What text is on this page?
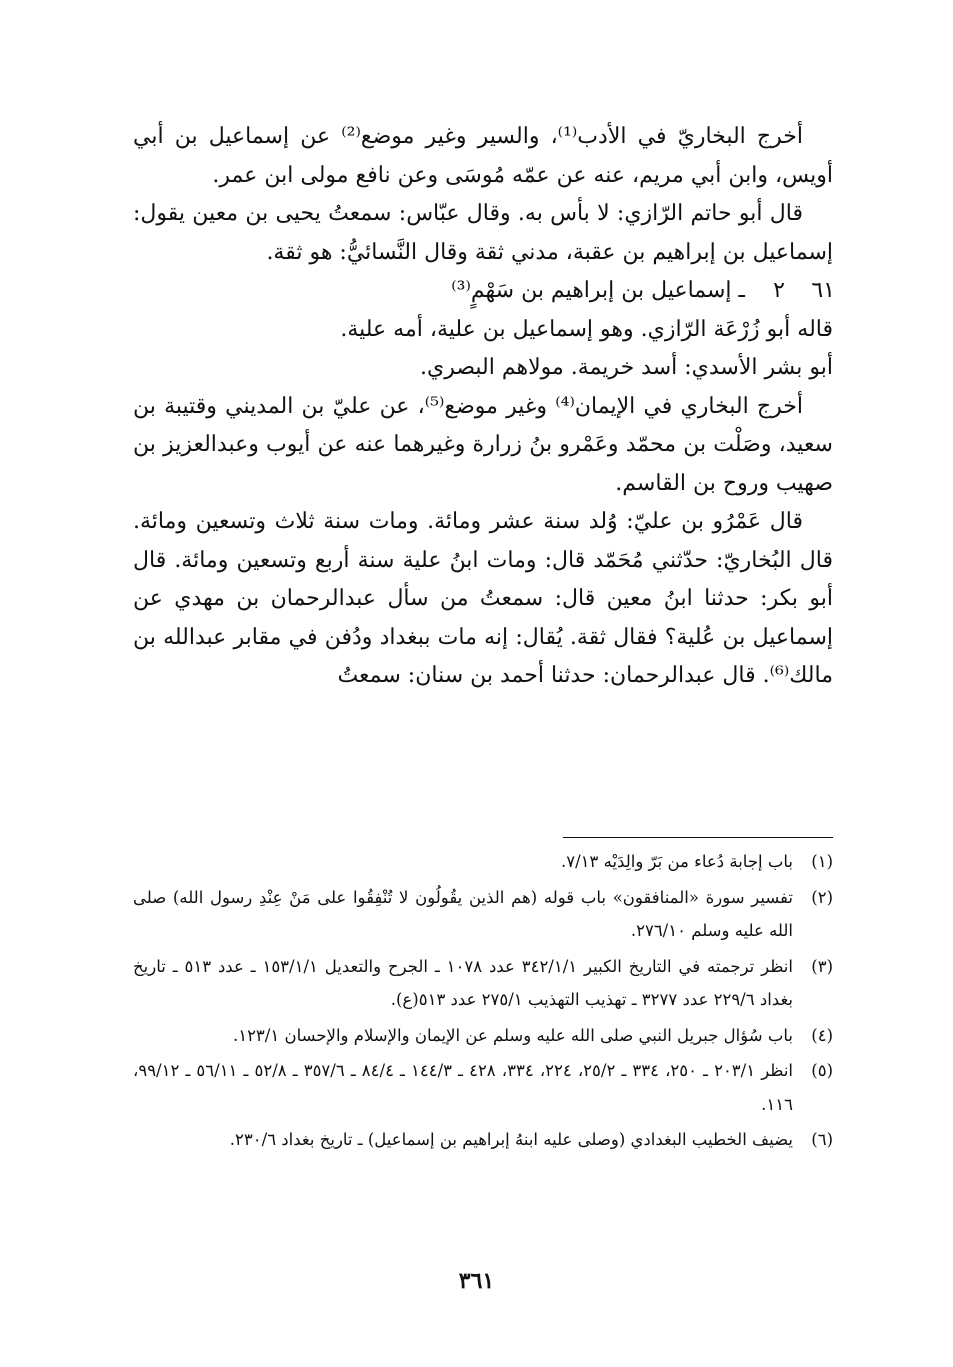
أخرج البخاريّ في الأدب⁽¹⁾، والسير وغير موضع⁽²⁾ عن إسماعيل بن أبي أويس، وابن أبي مريم، عنه عن عمّه مُوسَى وعن نافع مولى ابن عمر.

قال أبو حاتم الرّازي: لا بأس به. وقال عبّاس: سمعتُ يحيى بن معين يقول: إسماعيل بن إبراهيم بن عقبة، مدني ثقة وقال النَّسائيُّ: هو ثقة.

٦١
٢
ـ إسماعيل بن إبراهيم بن سَهْمٍ⁽³⁾

قاله أبو زُرْعَة الرّازي. وهو إسماعيل بن علية، أمه علية.

أبو بشر الأسدي: أسد خريمة. مولاهم البصري.

أخرج البخاري في الإيمان⁽⁴⁾ وغير موضع⁽⁵⁾، عن عليّ بن المديني وقتيبة بن سعيد، وصَلْت بن محمّد وعَمْرو بنُ زرارة وغيرهما عنه عن أيوب وعبدالعزيز بن صهيب وروح بن القاسم.

قال عَمْرُو بن عليّ: وُلد سنة عشر ومائة. ومات سنة ثلاث وتسعين ومائة. قال البُخاريّ: حدّثني مُحَمّد قال: ومات ابنُ علية سنة أربع وتسعين ومائة. قال أبو بكر: حدثنا ابنُ معين قال: سمعتُ من سأل عبدالرحمان بن مهدي عن إسماعيل بن عُلية؟ فقال ثقة. يُقال: إنه مات ببغداد ودُفن في مقابر عبدالله بن مالك⁽⁶⁾. قال عبدالرحمان: حدثنا أحمد بن سنان: سمعتُ

(١)
باب إجابة دُعاء من بَرّ والِدَيْه ٧/١٣.
(٢)
تفسير سورة «المنافقون» باب قوله (هم الذين يقُولُون لا تُنْفِقُوا على مَنْ عِنْدِ رسول الله) صلى الله عليه وسلم ٢٧٦/١٠.
(٣)
انظر ترجمته في التاريخ الكبير ٣٤٢/١/١ عدد ١٠٧٨ ـ الجرح والتعديل ١٥٣/١/١ ـ عدد ٥١٣ ـ تاريخ بغداد ٢٢٩/٦ عدد ٣٢٧٧ ـ تهذيب التهذيب ٢٧٥/١ عدد ٥١٣(ع).
(٤)
باب سُؤال جبريل النبي صلى الله عليه وسلم عن الإيمان والإسلام والإحسان ١٢٣/١.
(٥)
انظر ٢٠٣/١ ـ ٢٥٠، ٣٣٤ ـ ٢٥/٢، ٢٢٤، ٣٣٤، ٤٢٨ ـ ١٤٤/٣ ـ ٨٤/٤ ـ ٣٥٧/٦ ـ ٥٢/٨ ـ ٥٦/١١ ـ ٩٩/١٢، ١١٦.
(٦)
يضيف الخطيب البغدادي (وصلى عليه ابنهُ إبراهيم بن إسماعيل) ـ تاريخ بغداد ٢٣٠/٦.
٣٦١
